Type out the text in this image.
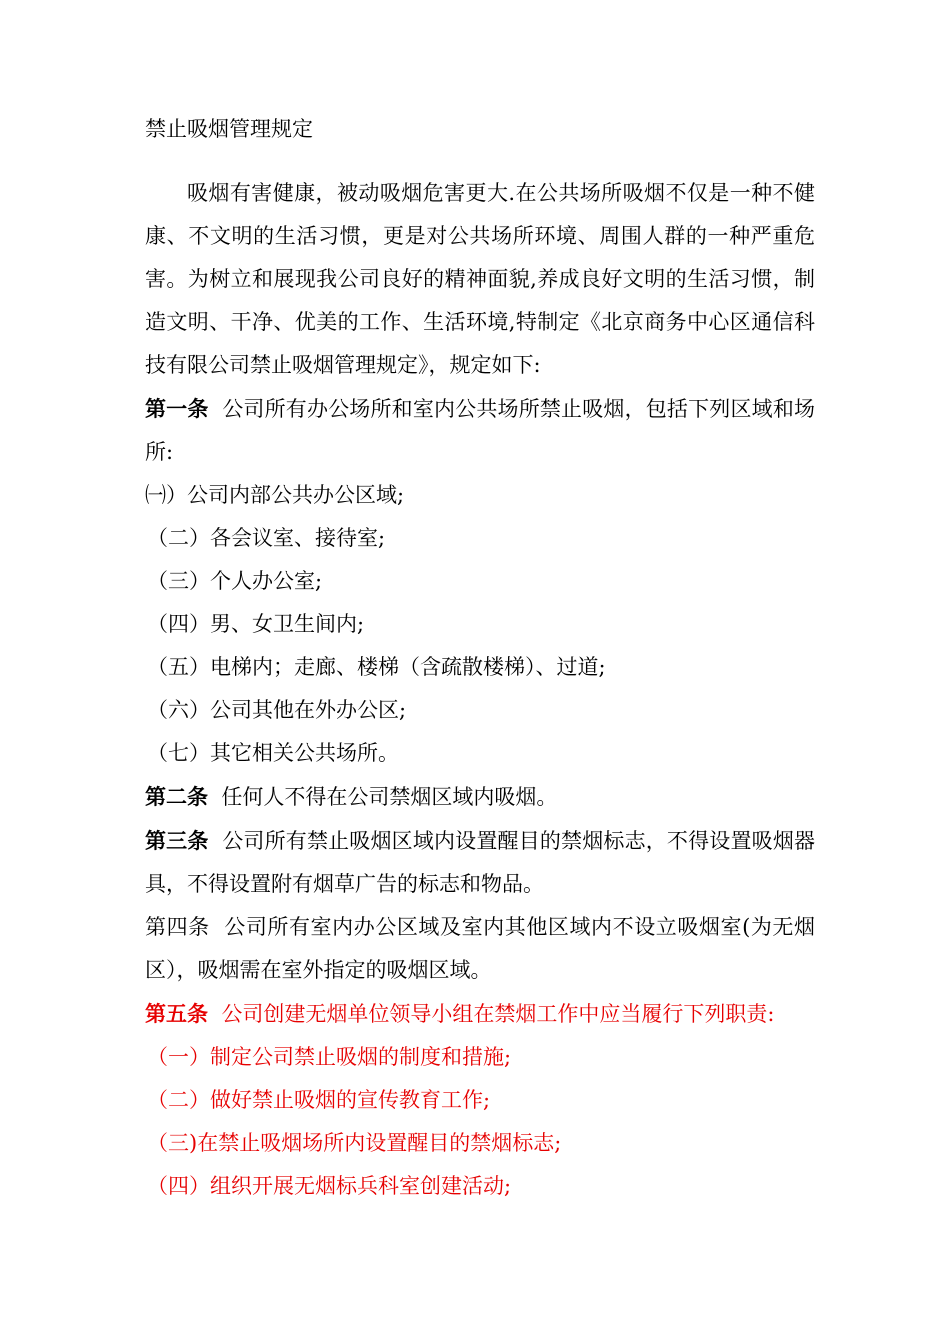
禁止吸烟管理规定

吸烟有害健康，被动吸烟危害更大.在公共场所吸烟不仅是一种不健康、不文明的生活习惯，更是对公共场所环境、周围人群的一种严重危害。为树立和展现我公司良好的精神面貌,养成良好文明的生活习惯，制造文明、干净、优美的工作、生活环境,特制定《北京商务中心区通信科技有限公司禁止吸烟管理规定》，规定如下:

第一条 公司所有办公场所和室内公共场所禁止吸烟，包括下列区域和场所:

㈠）公司内部公共办公区域;

（二）各会议室、接待室;

（三）个人办公室;

（四）男、女卫生间内;

（五）电梯内；走廊、楼梯（含疏散楼梯）、过道;

（六）公司其他在外办公区;

（七）其它相关公共场所。

第二条 任何人不得在公司禁烟区域内吸烟。

第三条 公司所有禁止吸烟区域内设置醒目的禁烟标志，不得设置吸烟器具，不得设置附有烟草广告的标志和物品。

第四条 公司所有室内办公区域及室内其他区域内不设立吸烟室(为无烟区），吸烟需在室外指定的吸烟区域。

第五条 公司创建无烟单位领导小组在禁烟工作中应当履行下列职责:

（一）制定公司禁止吸烟的制度和措施;

（二）做好禁止吸烟的宣传教育工作;

（三)在禁止吸烟场所内设置醒目的禁烟标志;

（四）组织开展无烟标兵科室创建活动;
